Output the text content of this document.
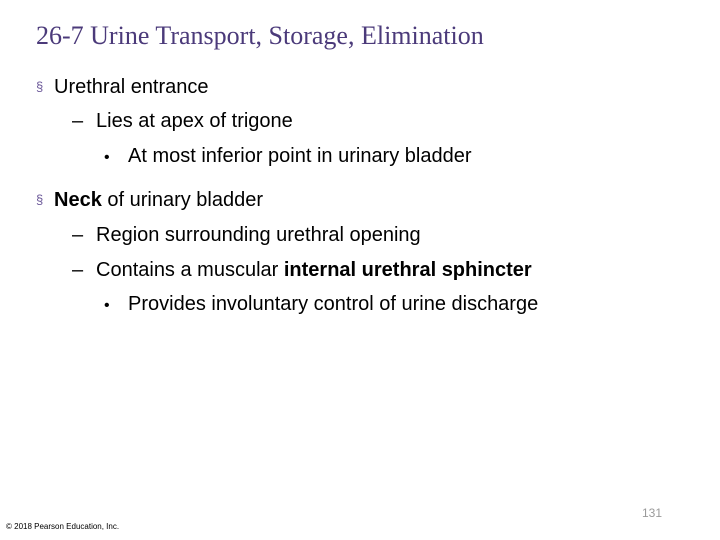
26-7 Urine Transport, Storage, Elimination
§ Urethral entrance
– Lies at apex of trigone
• At most inferior point in urinary bladder
§ Neck of urinary bladder
– Region surrounding urethral opening
– Contains a muscular internal urethral sphincter
• Provides involuntary control of urine discharge
131
© 2018 Pearson Education, Inc.
